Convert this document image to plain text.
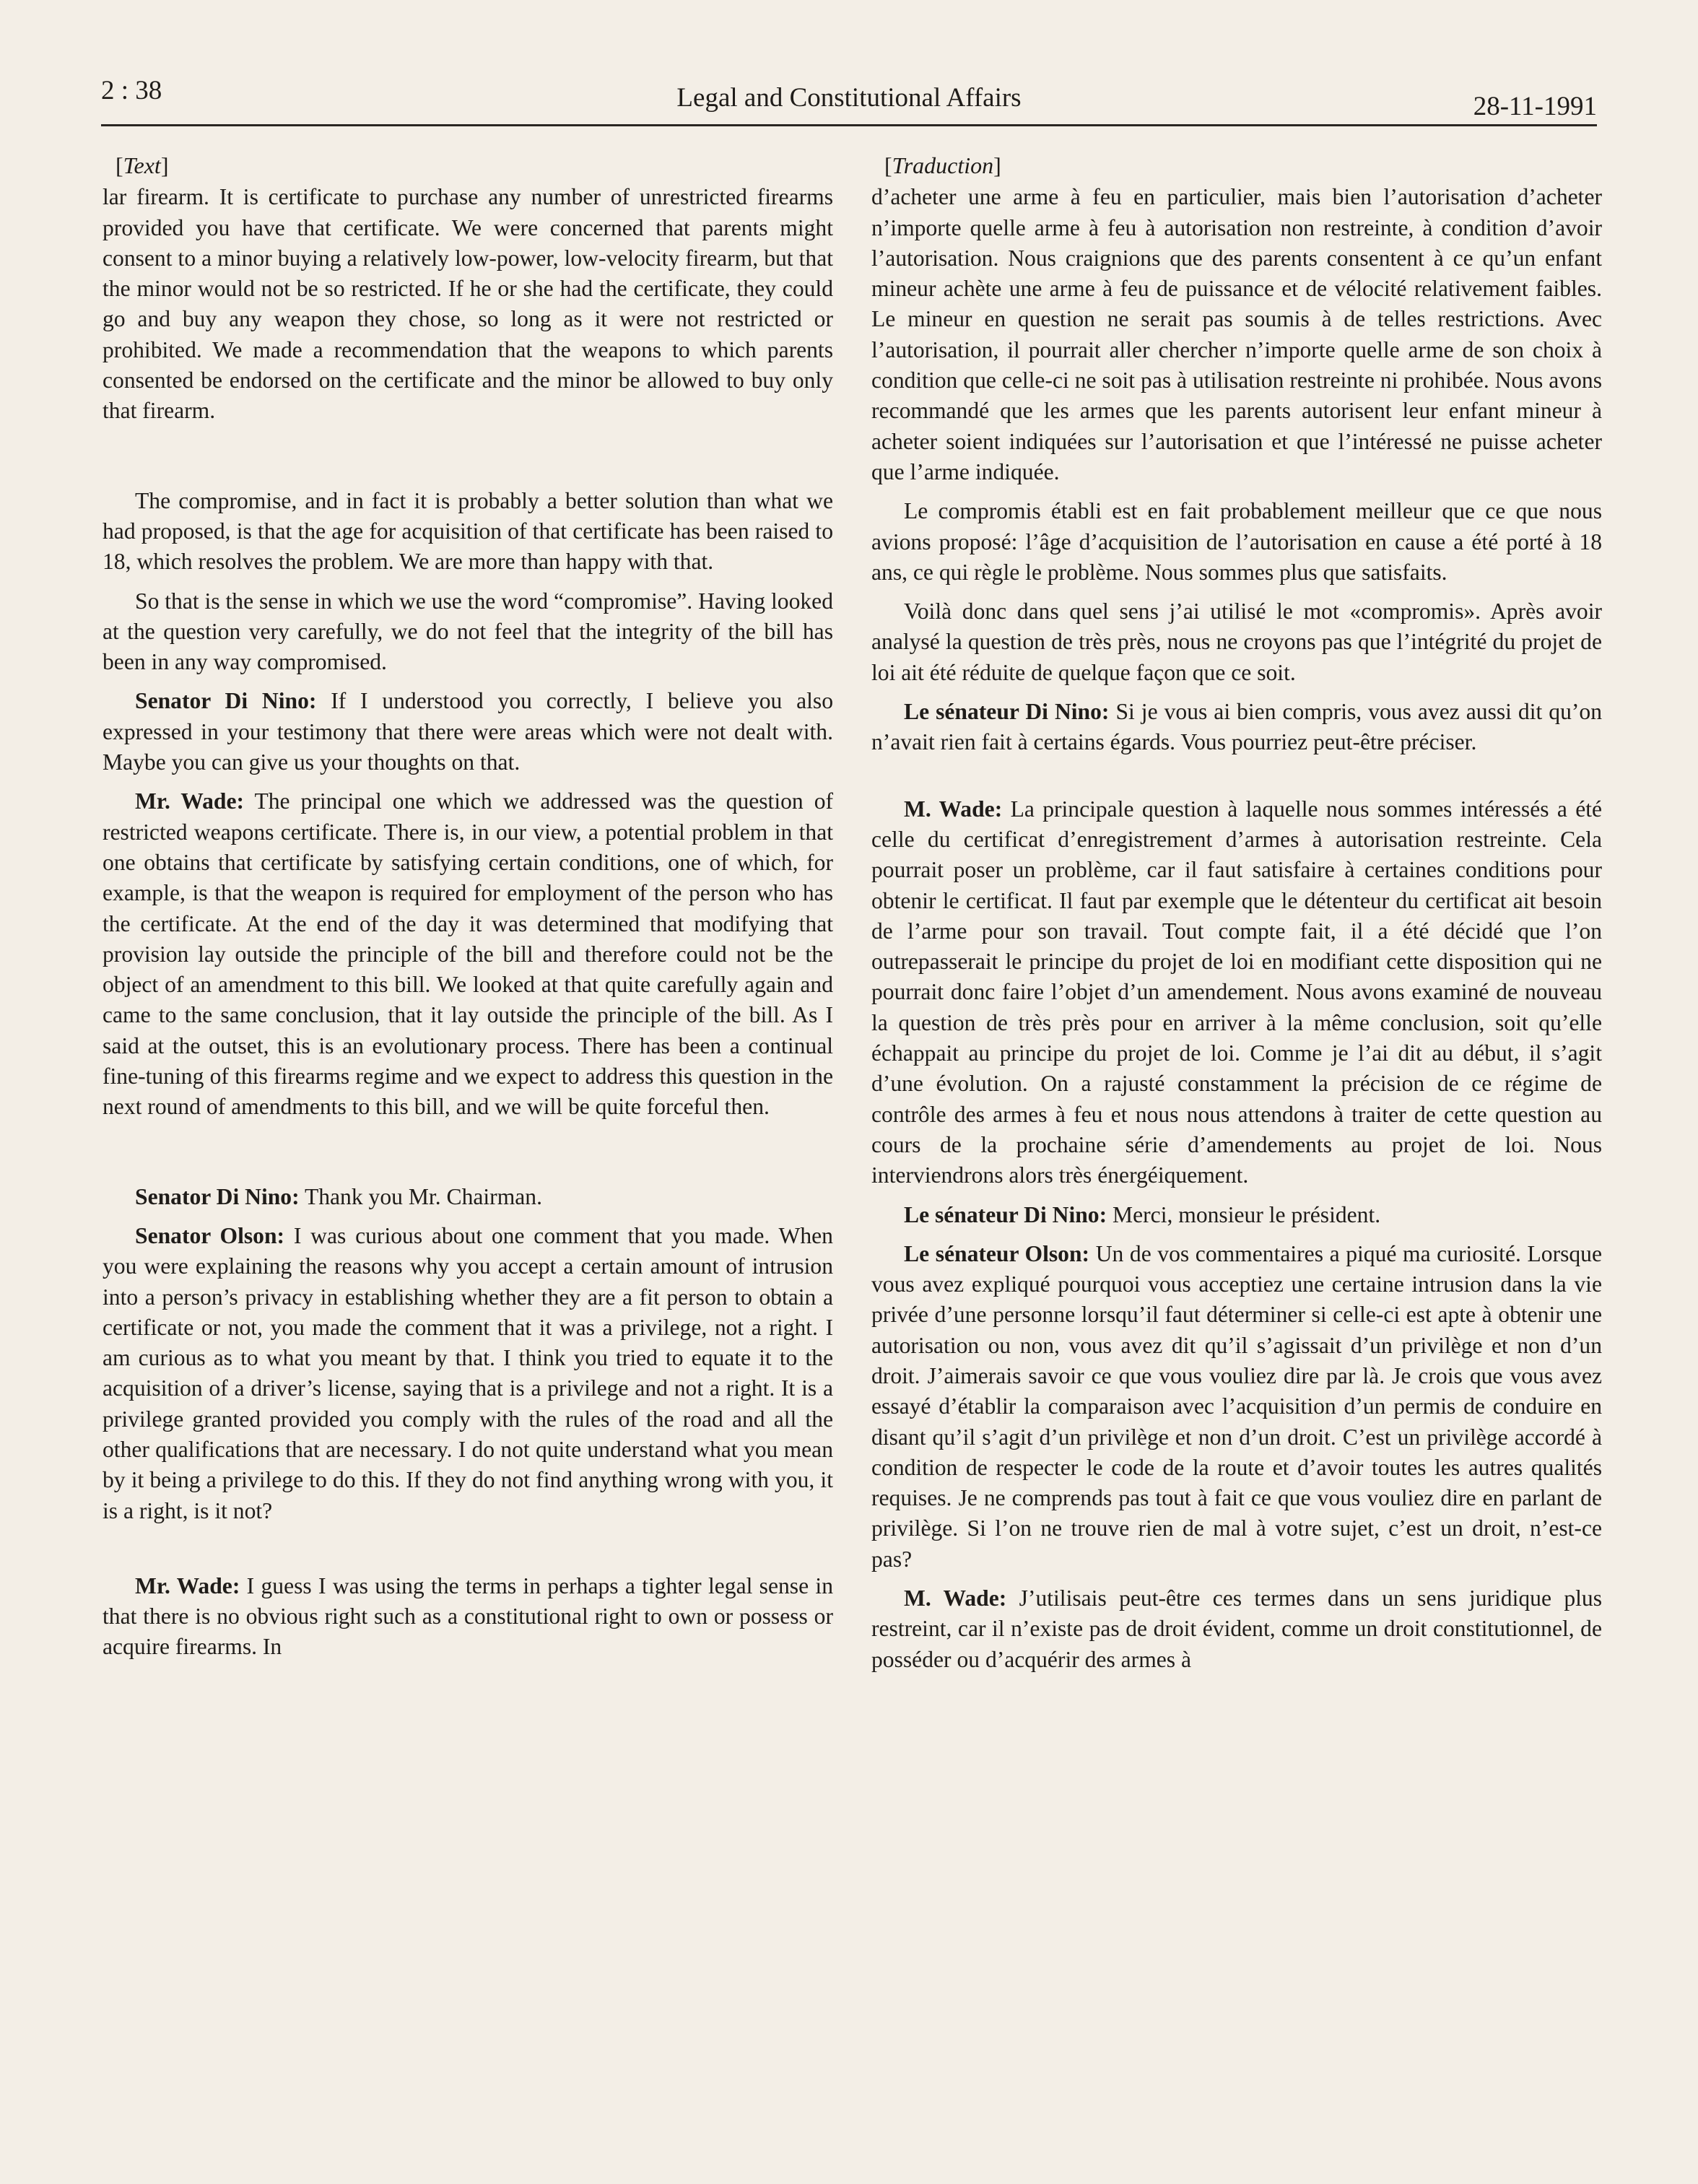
2 : 38	Legal and Constitutional Affairs	28-11-1991
[Text]

lar firearm. It is certificate to purchase any number of unrestricted firearms provided you have that certificate. We were concerned that parents might consent to a minor buying a relatively low-power, low-velocity firearm, but that the minor would not be so restricted. If he or she had the certificate, they could go and buy any weapon they chose, so long as it were not restricted or prohibited. We made a recommendation that the weapons to which parents consented be endorsed on the certificate and the minor be allowed to buy only that firearm.

The compromise, and in fact it is probably a better solution than what we had proposed, is that the age for acquisition of that certificate has been raised to 18, which resolves the problem. We are more than happy with that.

So that is the sense in which we use the word “compromise”. Having looked at the question very carefully, we do not feel that the integrity of the bill has been in any way compromised.

Senator Di Nino: If I understood you correctly, I believe you also expressed in your testimony that there were areas which were not dealt with. Maybe you can give us your thoughts on that.

Mr. Wade: The principal one which we addressed was the question of restricted weapons certificate. There is, in our view, a potential problem in that one obtains that certificate by satisfying certain conditions, one of which, for example, is that the weapon is required for employment of the person who has the certificate. At the end of the day it was determined that modifying that provision lay outside the principle of the bill and therefore could not be the object of an amendment to this bill. We looked at that quite carefully again and came to the same conclusion, that it lay outside the principle of the bill. As I said at the outset, this is an evolutionary process. There has been a continual fine-tuning of this firearms regime and we expect to address this question in the next round of amendments to this bill, and we will be quite forceful then.

Senator Di Nino: Thank you Mr. Chairman.

Senator Olson: I was curious about one comment that you made. When you were explaining the reasons why you accept a certain amount of intrusion into a person’s privacy in establishing whether they are a fit person to obtain a certificate or not, you made the comment that it was a privilege, not a right. I am curious as to what you meant by that. I think you tried to equate it to the acquisition of a driver’s license, saying that is a privilege and not a right. It is a privilege granted provided you comply with the rules of the road and all the other qualifications that are necessary. I do not quite understand what you mean by it being a privilege to do this. If they do not find anything wrong with you, it is a right, is it not?

Mr. Wade: I guess I was using the terms in perhaps a tighter legal sense in that there is no obvious right such as a constitutional right to own or possess or acquire firearms. In

[Traduction]

d’acheter une arme à feu en particulier, mais bien l’autorisation d’acheter n’importe quelle arme à feu à autorisation non restreinte, à condition d’avoir l’autorisation. Nous craignions que des parents consentent à ce qu’un enfant mineur achète une arme à feu de puissance et de vélocité relativement faibles. Le mineur en question ne serait pas soumis à de telles restrictions. Avec l’autorisation, il pourrait aller chercher n’importe quelle arme de son choix à condition que celle-ci ne soit pas à utilisation restreinte ni prohibée. Nous avons recommandé que les armes que les parents autorisent leur enfant mineur à acheter soient indiquées sur l’autorisation et que l’intéressé ne puisse acheter que l’arme indiquée.

Le compromis établi est en fait probablement meilleur que ce que nous avions proposé: l’âge d’acquisition de l’autorisation en cause a été porté à 18 ans, ce qui règle le problème. Nous sommes plus que satisfaits.

Voilà donc dans quel sens j’ai utilisé le mot «compromis». Après avoir analysé la question de très près, nous ne croyons pas que l’intégrité du projet de loi ait été réduite de quelque façon que ce soit.

Le sénateur Di Nino: Si je vous ai bien compris, vous avez aussi dit qu’on n’avait rien fait à certains égards. Vous pourriez peut-être préciser.

M. Wade: La principale question à laquelle nous sommes intéressés a été celle du certificat d’enregistrement d’armes à autorisation restreinte. Cela pourrait poser un problème, car il faut satisfaire à certaines conditions pour obtenir le certificat. Il faut par exemple que le détenteur du certificat ait besoin de l’arme pour son travail. Tout compte fait, il a été décidé que l’on outrepasserait le principe du projet de loi en modifiant cette disposition qui ne pourrait donc faire l’objet d’un amendement. Nous avons examiné de nouveau la question de très près pour en arriver à la même conclusion, soit qu’elle échappait au principe du projet de loi. Comme je l’ai dit au début, il s’agit d’une évolution. On a rajusté constamment la précision de ce régime de contrôle des armes à feu et nous nous attendons à traiter de cette question au cours de la prochaine série d’amendements au projet de loi. Nous interviendrons alors très énergéiquement.

Le sénateur Di Nino: Merci, monsieur le président.

Le sénateur Olson: Un de vos commentaires a piqué ma curiosité. Lorsque vous avez expliqué pourquoi vous acceptiez une certaine intrusion dans la vie privée d’une personne lorsqu’il faut déterminer si celle-ci est apte à obtenir une autorisation ou non, vous avez dit qu’il s’agissait d’un privilège et non d’un droit. J’aimerais savoir ce que vous vouliez dire par là. Je crois que vous avez essayé d’établir la comparaison avec l’acquisition d’un permis de conduire en disant qu’il s’agit d’un privilège et non d’un droit. C’est un privilège accordé à condition de respecter le code de la route et d’avoir toutes les autres qualités requises. Je ne comprends pas tout à fait ce que vous vouliez dire en parlant de privilège. Si l’on ne trouve rien de mal à votre sujet, c’est un droit, n’est-ce pas?

M. Wade: J’utilisais peut-être ces termes dans un sens juridique plus restreint, car il n’existe pas de droit évident, comme un droit constitutionnel, de posséder ou d’acquérir des armes à
